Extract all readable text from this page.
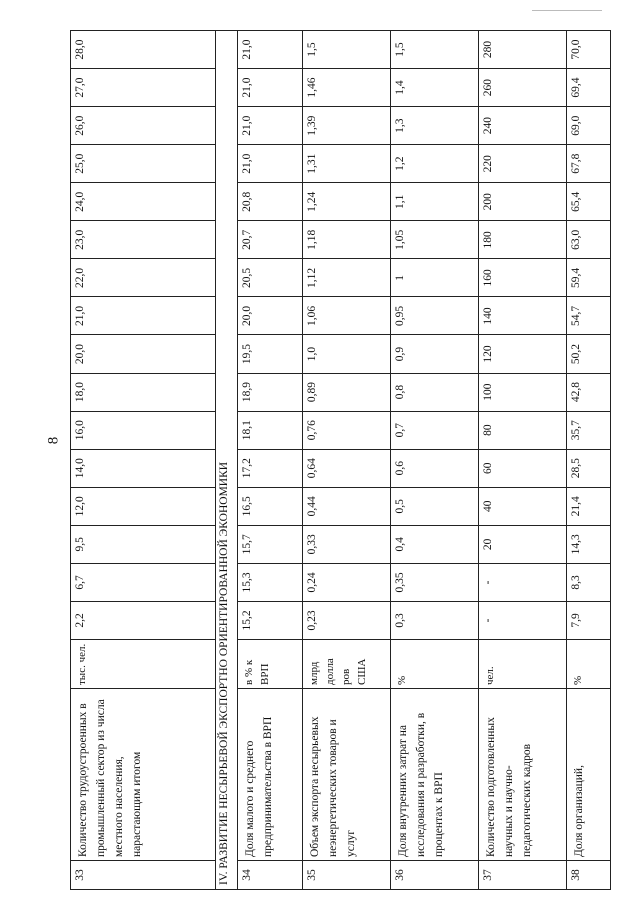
8
33	Количество трудоустроенных в промышленный сектор из числа местного населения, нарастающим итогом	тыс. чел.	2,2	6,7	9,5	12,0	14,0	16,0	18,0	20,0	21,0	22,0	23,0	24,0	25,0	26,0	27,0	28,0
IV. РАЗВИТИЕ НЕСЫРЬЕВОЙ ЭКСПОРТНО ОРИЕНТИРОВАННОЙ ЭКОНОМИКИ																		
34	Доля малого и среднего предпринимательства в ВРП	в % к ВРП	15,2	15,3	15,7	16,5	17,2	18,1	18,9	19,5	20,0	20,5	20,7	20,8	21,0	21,0	21,0	21,0
35	Объем экспорта несырьевых неэнергетических товаров и услуг	млрд долла ров США	0,23	0,24	0,33	0,44	0,64	0,76	0,89	1,0	1,06	1,12	1,18	1,24	1,31	1,39	1,46	1,5
36	Доля внутренних затрат на исследования и разработки, в процентах к ВРП	%	0,3	0,35	0,4	0,5	0,6	0,7	0,8	0,9	0,95	1	1,05	1,1	1,2	1,3	1,4	1,5
37	Количество подготовленных научных и научно-педагогических кадров	чел.	-	-	20	40	60	80	100	120	140	160	180	200	220	240	260	280
38	Доля организаций,	%	7,9	8,3	14,3	21,4	28,5	35,7	42,8	50,2	54,7	59,4	63,0	65,4	67,8	69,0	69,4	70,0
